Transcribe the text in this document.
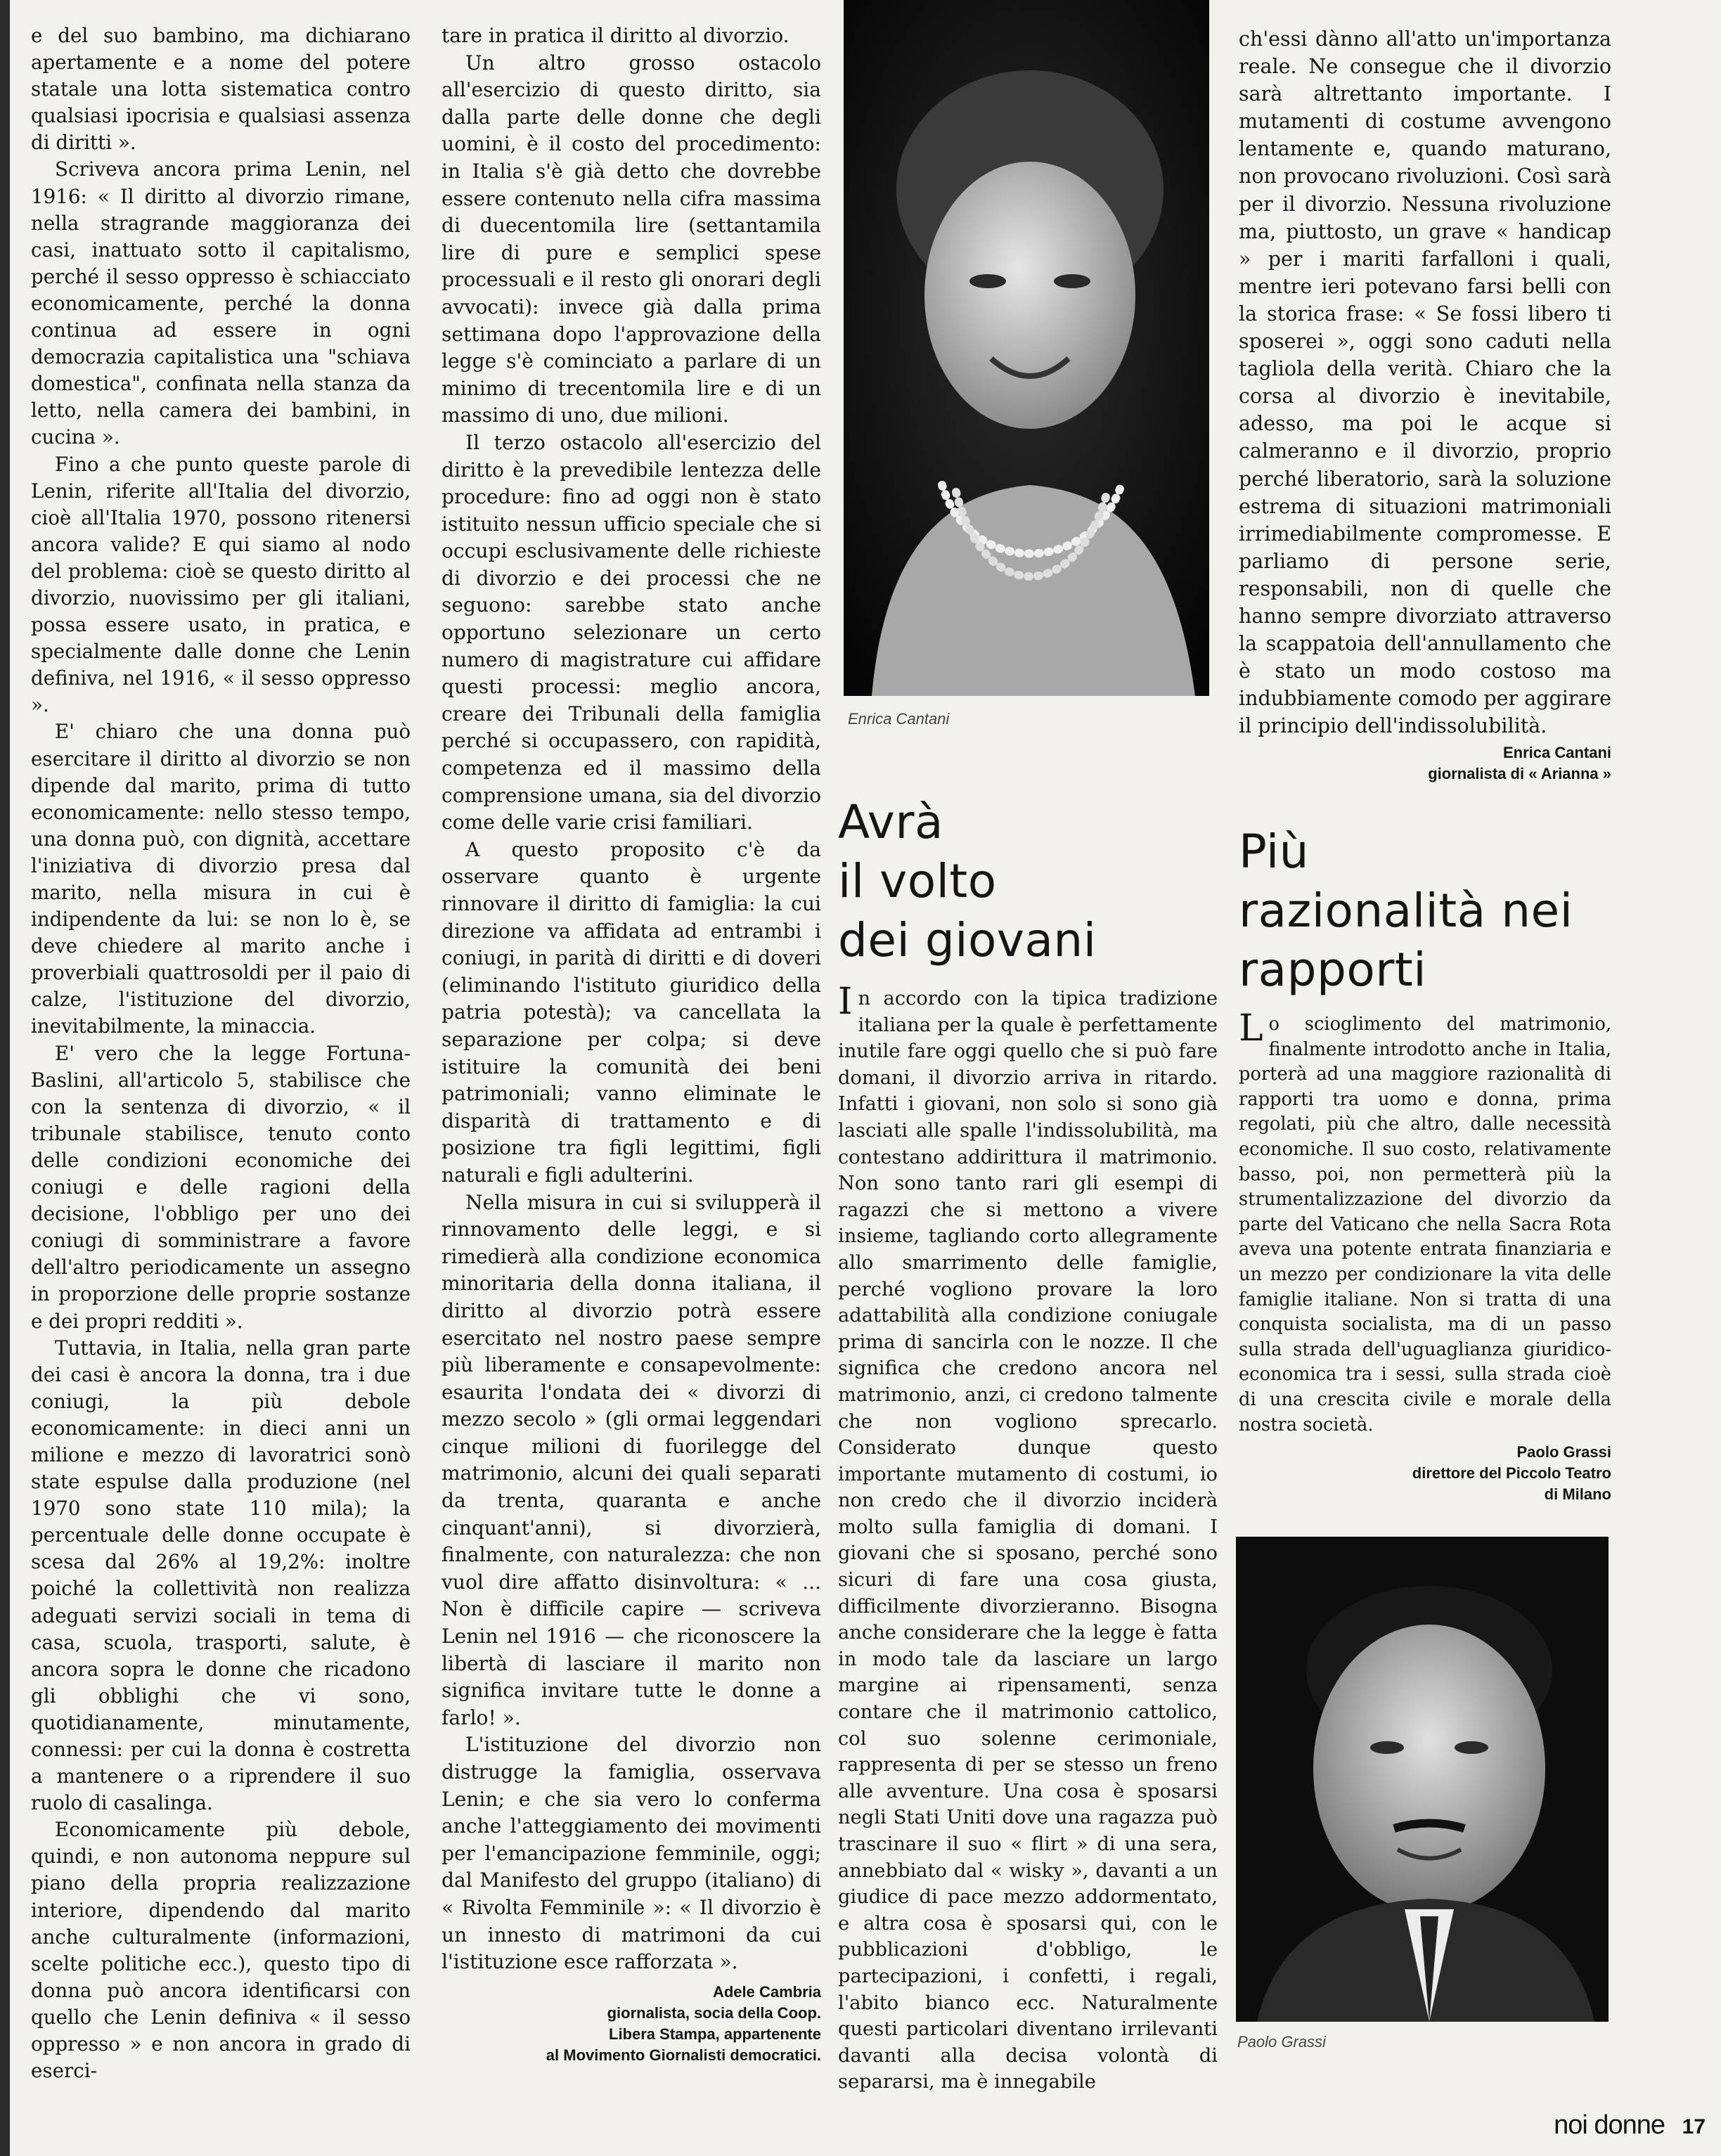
e del suo bambino, ma dichiarano apertamente e a nome del potere statale una lotta sistematica contro qualsiasi ipocrisia e qualsiasi assenza di diritti ».

Scriveva ancora prima Lenin, nel 1916: « Il diritto al divorzio rimane, nella stragrande maggioranza dei casi, inattuato sotto il capitalismo, perché il sesso oppresso è schiacciato economicamente, perché la donna continua ad essere in ogni democrazia capitalistica una "schiava domestica", confinata nella stanza da letto, nella camera dei bambini, in cucina ».

Fino a che punto queste parole di Lenin, riferite all'Italia del divorzio, cioè all'Italia 1970, possono ritenersi ancora valide? E qui siamo al nodo del problema: cioè se questo diritto al divorzio, nuovissimo per gli italiani, possa essere usato, in pratica, e specialmente dalle donne che Lenin definiva, nel 1916, « il sesso oppresso ».

E' chiaro che una donna può esercitare il diritto al divorzio se non dipende dal marito, prima di tutto economicamente: nello stesso tempo, una donna può, con dignità, accettare l'iniziativa di divorzio presa dal marito, nella misura in cui è indipendente da lui: se non lo è, se deve chiedere al marito anche i proverbiali quattrosoldi per il paio di calze, l'istituzione del divorzio, inevitabilmente, la minaccia.

E' vero che la legge Fortuna-Baslini, all'articolo 5, stabilisce che con la sentenza di divorzio, « il tribunale stabilisce, tenuto conto delle condizioni economiche dei coniugi e delle ragioni della decisione, l'obbligo per uno dei coniugi di somministrare a favore dell'altro periodicamente un assegno in proporzione delle proprie sostanze e dei propri redditi ».

Tuttavia, in Italia, nella gran parte dei casi è ancora la donna, tra i due coniugi, la più debole economicamente: in dieci anni un milione e mezzo di lavoratrici sonò state espulse dalla produzione (nel 1970 sono state 110 mila); la percentuale delle donne occupate è scesa dal 26% al 19,2%: inoltre poiché la collettività non realizza adeguati servizi sociali in tema di casa, scuola, trasporti, salute, è ancora sopra le donne che ricadono gli obblighi che vi sono, quotidianamente, minutamente, connessi: per cui la donna è costretta a mantenere o a riprendere il suo ruolo di casalinga.

Economicamente più debole, quindi, e non autonoma neppure sul piano della propria realizzazione interiore, dipendendo dal marito anche culturalmente (informazioni, scelte politiche ecc.), questo tipo di donna può ancora identificarsi con quello che Lenin definiva « il sesso oppresso » e non ancora in grado di eserci-

tare in pratica il diritto al divorzio.

Un altro grosso ostacolo all'esercizio di questo diritto, sia dalla parte delle donne che degli uomini, è il costo del procedimento: in Italia s'è già detto che dovrebbe essere contenuto nella cifra massima di duecentomila lire (settantamila lire di pure e semplici spese processuali e il resto gli onorari degli avvocati): invece già dalla prima settimana dopo l'approvazione della legge s'è cominciato a parlare di un minimo di trecentomila lire e di un massimo di uno, due milioni.

Il terzo ostacolo all'esercizio del diritto è la prevedibile lentezza delle procedure: fino ad oggi non è stato istituito nessun ufficio speciale che si occupi esclusivamente delle richieste di divorzio e dei processi che ne seguono: sarebbe stato anche opportuno selezionare un certo numero di magistrature cui affidare questi processi: meglio ancora, creare dei Tribunali della famiglia perché si occupassero, con rapidità, competenza ed il massimo della comprensione umana, sia del divorzio come delle varie crisi familiari.

A questo proposito c'è da osservare quanto è urgente rinnovare il diritto di famiglia: la cui direzione va affidata ad entrambi i coniugi, in parità di diritti e di doveri (eliminando l'istituto giuridico della patria potestà); va cancellata la separazione per colpa; si deve istituire la comunità dei beni patrimoniali; vanno eliminate le disparità di trattamento e di posizione tra figli legittimi, figli naturali e figli adulterini.

Nella misura in cui si svilupperà il rinnovamento delle leggi, e si rimedierà alla condizione economica minoritaria della donna italiana, il diritto al divorzio potrà essere esercitato nel nostro paese sempre più liberamente e consapevolmente: esaurita l'ondata dei « divorzi di mezzo secolo » (gli ormai leggendari cinque milioni di fuorilegge del matrimonio, alcuni dei quali separati da trenta, quaranta e anche cinquant'anni), si divorzierà, finalmente, con naturalezza: che non vuol dire affatto disinvoltura: « ... Non è difficile capire — scriveva Lenin nel 1916 — che riconoscere la libertà di lasciare il marito non significa invitare tutte le donne a farlo! ».

L'istituzione del divorzio non distrugge la famiglia, osservava Lenin; e che sia vero lo conferma anche l'atteggiamento dei movimenti per l'emancipazione femminile, oggi; dal Manifesto del gruppo (italiano) di « Rivolta Femminile »: « Il divorzio è un innesto di matrimoni da cui l'istituzione esce rafforzata ».

Adele Cambria
giornalista, socia della Coop.
Libera Stampa, appartenente
al Movimento Giornalisti democratici.
Enrica Cantani
Avrà
il volto
dei giovani

In accordo con la tipica tradizione italiana per la quale è perfettamente inutile fare oggi quello che si può fare domani, il divorzio arriva in ritardo. Infatti i giovani, non solo si sono già lasciati alle spalle l'indissolubilità, ma contestano addirittura il matrimonio. Non sono tanto rari gli esempi di ragazzi che si mettono a vivere insieme, tagliando corto allegramente allo smarrimento delle famiglie, perché vogliono provare la loro adattabilità alla condizione coniugale prima di sancirla con le nozze. Il che significa che credono ancora nel matrimonio, anzi, ci credono talmente che non vogliono sprecarlo. Considerato dunque questo importante mutamento di costumi, io non credo che il divorzio inciderà molto sulla famiglia di domani. I giovani che si sposano, perché sono sicuri di fare una cosa giusta, difficilmente divorzieranno. Bisogna anche considerare che la legge è fatta in modo tale da lasciare un largo margine ai ripensamenti, senza contare che il matrimonio cattolico, col suo solenne cerimoniale, rappresenta di per se stesso un freno alle avventure. Una cosa è sposarsi negli Stati Uniti dove una ragazza può trascinare il suo « flirt » di una sera, annebbiato dal « wisky », davanti a un giudice di pace mezzo addormentato, e altra cosa è sposarsi qui, con le pubblicazioni d'obbligo, le partecipazioni, i confetti, i regali, l'abito bianco ecc. Naturalmente questi particolari diventano irrilevanti davanti alla decisa volontà di separarsi, ma è innegabile

ch'essi dànno all'atto un'importanza reale. Ne consegue che il divorzio sarà altrettanto importante. I mutamenti di costume avvengono lentamente e, quando maturano, non provocano rivoluzioni. Così sarà per il divorzio. Nessuna rivoluzione ma, piuttosto, un grave « handicap » per i mariti farfalloni i quali, mentre ieri potevano farsi belli con la storica frase: « Se fossi libero ti sposerei », oggi sono caduti nella tagliola della verità. Chiaro che la corsa al divorzio è inevitabile, adesso, ma poi le acque si calmeranno e il divorzio, proprio perché liberatorio, sarà la soluzione estrema di situazioni matrimoniali irrimediabilmente compromesse. E parliamo di persone serie, responsabili, non di quelle che hanno sempre divorziato attraverso la scappatoia dell'annullamento che è stato un modo costoso ma indubbiamente comodo per aggirare il principio dell'indissolubilità.

Enrica Cantani
giornalista di « Arianna »
Più
razionalità nei
rapporti

Lo scioglimento del matrimonio, finalmente introdotto anche in Italia, porterà ad una maggiore razionalità di rapporti tra uomo e donna, prima regolati, più che altro, dalle necessità economiche. Il suo costo, relativamente basso, poi, non permetterà più la strumentalizzazione del divorzio da parte del Vaticano che nella Sacra Rota aveva una potente entrata finanziaria e un mezzo per condizionare la vita delle famiglie italiane. Non si tratta di una conquista socialista, ma di un passo sulla strada dell'uguaglianza giuridico-economica tra i sessi, sulla strada cioè di una crescita civile e morale della nostra società.

Paolo Grassi
direttore del Piccolo Teatro
di Milano
Paolo Grassi
noi donne 17
